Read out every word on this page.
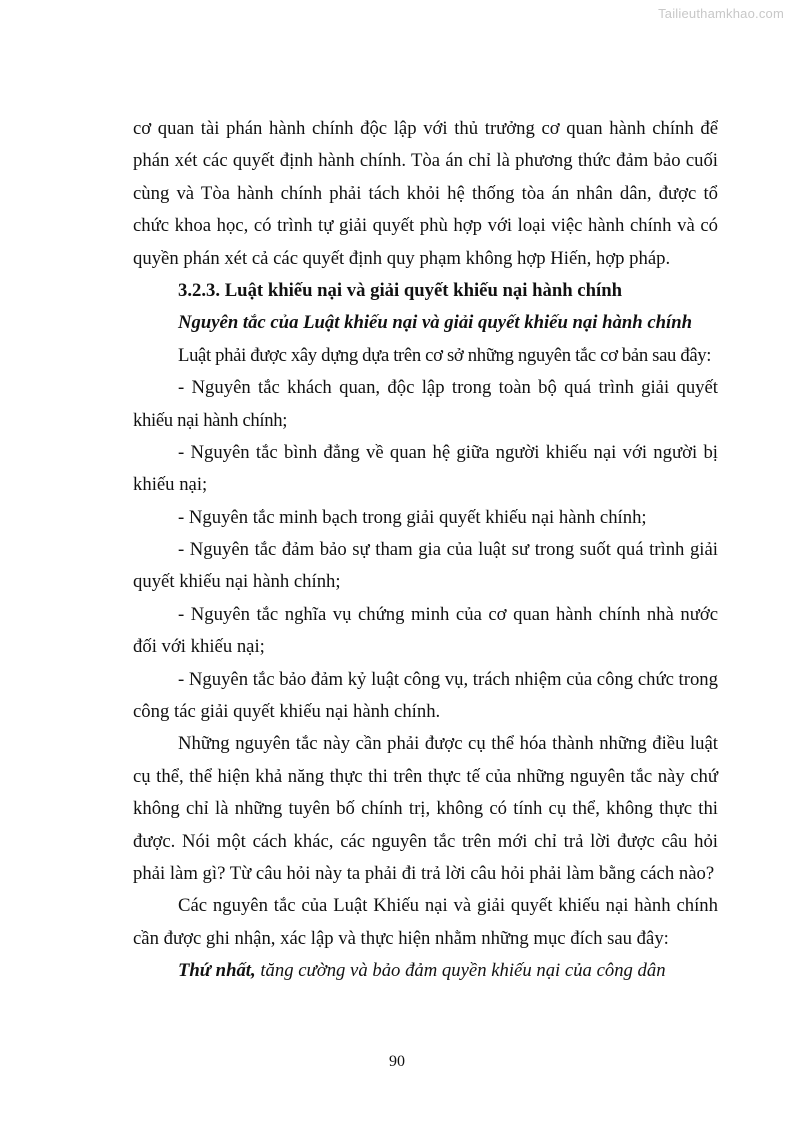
Tailieuthamkhao.com
cơ quan tài phán hành chính độc lập với thủ trưởng cơ quan hành chính để
phán xét các quyết định hành chính. Tòa án chỉ là phương thức đảm bảo cuối
cùng và Tòa hành chính phải tách khỏi hệ thống tòa án nhân dân, được tổ
chức khoa học, có trình tự giải quyết phù hợp với loại việc hành chính và có
quyền phán xét cả các quyết định quy phạm không hợp Hiến, hợp pháp.
3.2.3. Luật khiếu nại và giải quyết khiếu nại hành chính
Nguyên tắc của Luật khiếu nại và giải quyết khiếu nại hành chính
Luật phải được xây dựng dựa trên cơ sở những nguyên tắc cơ bản sau đây:
- Nguyên tắc khách quan, độc lập trong toàn bộ quá trình giải quyết
khiếu nại hành chính;
- Nguyên tắc bình đẳng về quan hệ giữa người khiếu nại với người bị
khiếu nại;
- Nguyên tắc minh bạch trong giải quyết khiếu nại hành chính;
- Nguyên tắc đảm bảo sự tham gia của luật sư trong suốt quá trình giải
quyết khiếu nại hành chính;
- Nguyên tắc nghĩa vụ chứng minh của cơ quan hành chính nhà nước
đối với khiếu nại;
- Nguyên tắc bảo đảm kỷ luật công vụ, trách nhiệm của công chức trong
công tác giải quyết khiếu nại hành chính.
Những nguyên tắc này cần phải được cụ thể hóa thành những điều luật
cụ thể, thể hiện khả năng thực thi trên thực tế của những nguyên tắc này chứ
không chỉ là những tuyên bố chính trị, không có tính cụ thể, không thực thi
được. Nói một cách khác, các nguyên tắc trên mới chỉ trả lời được câu hỏi
phải làm gì? Từ câu hỏi này ta phải đi trả lời câu hỏi phải làm bằng cách nào?
Các nguyên tắc của Luật Khiếu nại và giải quyết khiếu nại hành chính
cần được ghi nhận, xác lập và thực hiện nhằm những mục đích sau đây:
Thứ nhất, tăng cường và bảo đảm quyền khiếu nại của công dân
90
